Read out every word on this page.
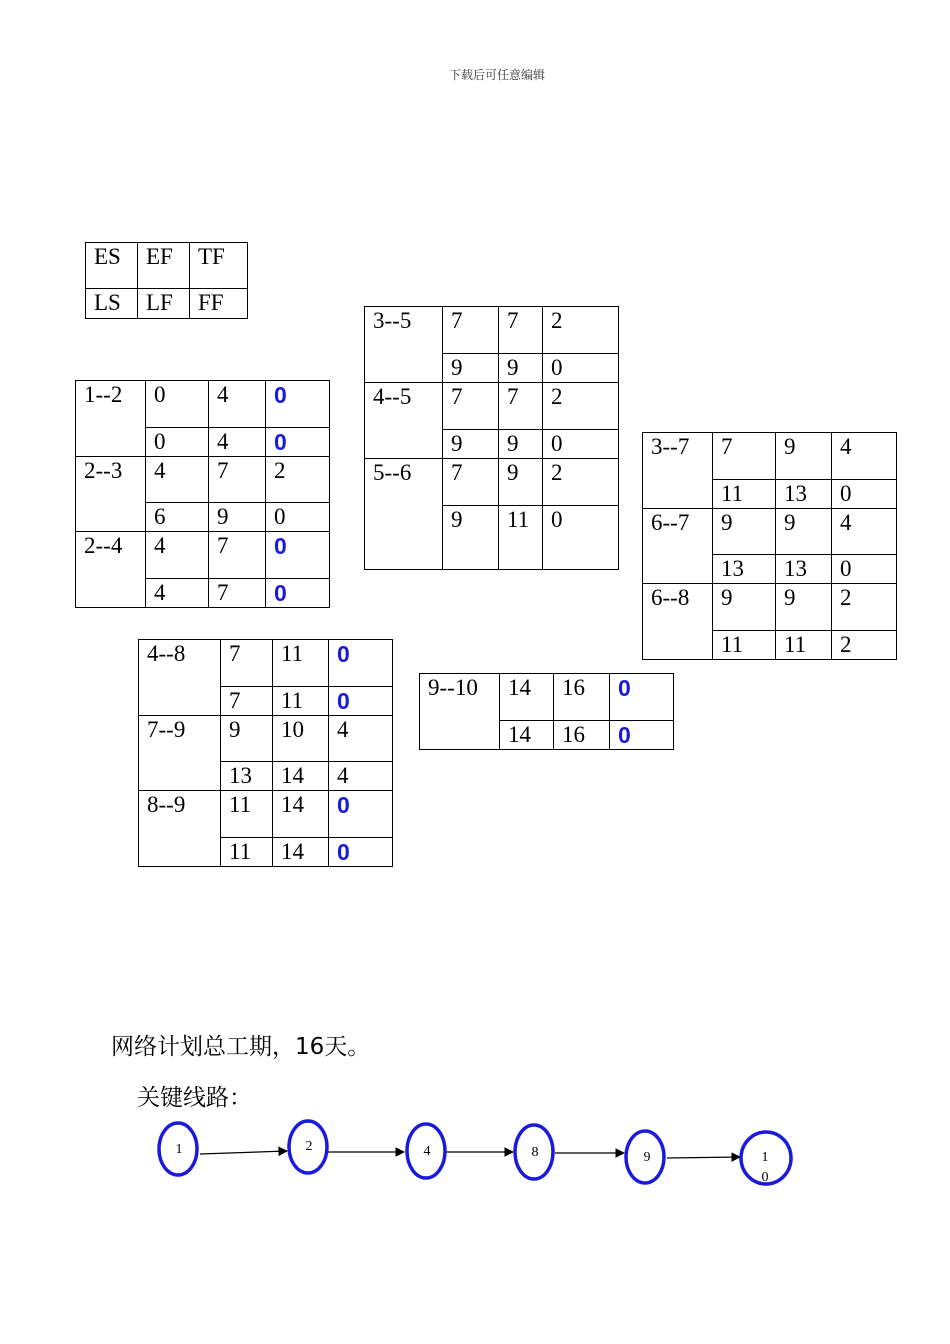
下载后可任意编辑
ES	EF	TF
LS	LF	FF
1--2	0	4	0
	0	4	0
2--3	4	7	2
	6	9	0
2--4	4	7	0
	4	7	0
3--5	7	7	2
	9	9	0
4--5	7	7	2
	9	9	0
5--6	7	9	2
	9	11	0
3--7	7	9	4
	11	13	0
6--7	9	9	4
	13	13	0
6--8	9	9	2
	11	11	2
4--8	7	11	0
	7	11	0
7--9	9	10	4
	13	14	4
8--9	11	14	0
	11	14	0
9--10	14	16	0
	14	16	0
网络计划总工期，16天。
关键线路：
1	2	4	8	9	1
0
